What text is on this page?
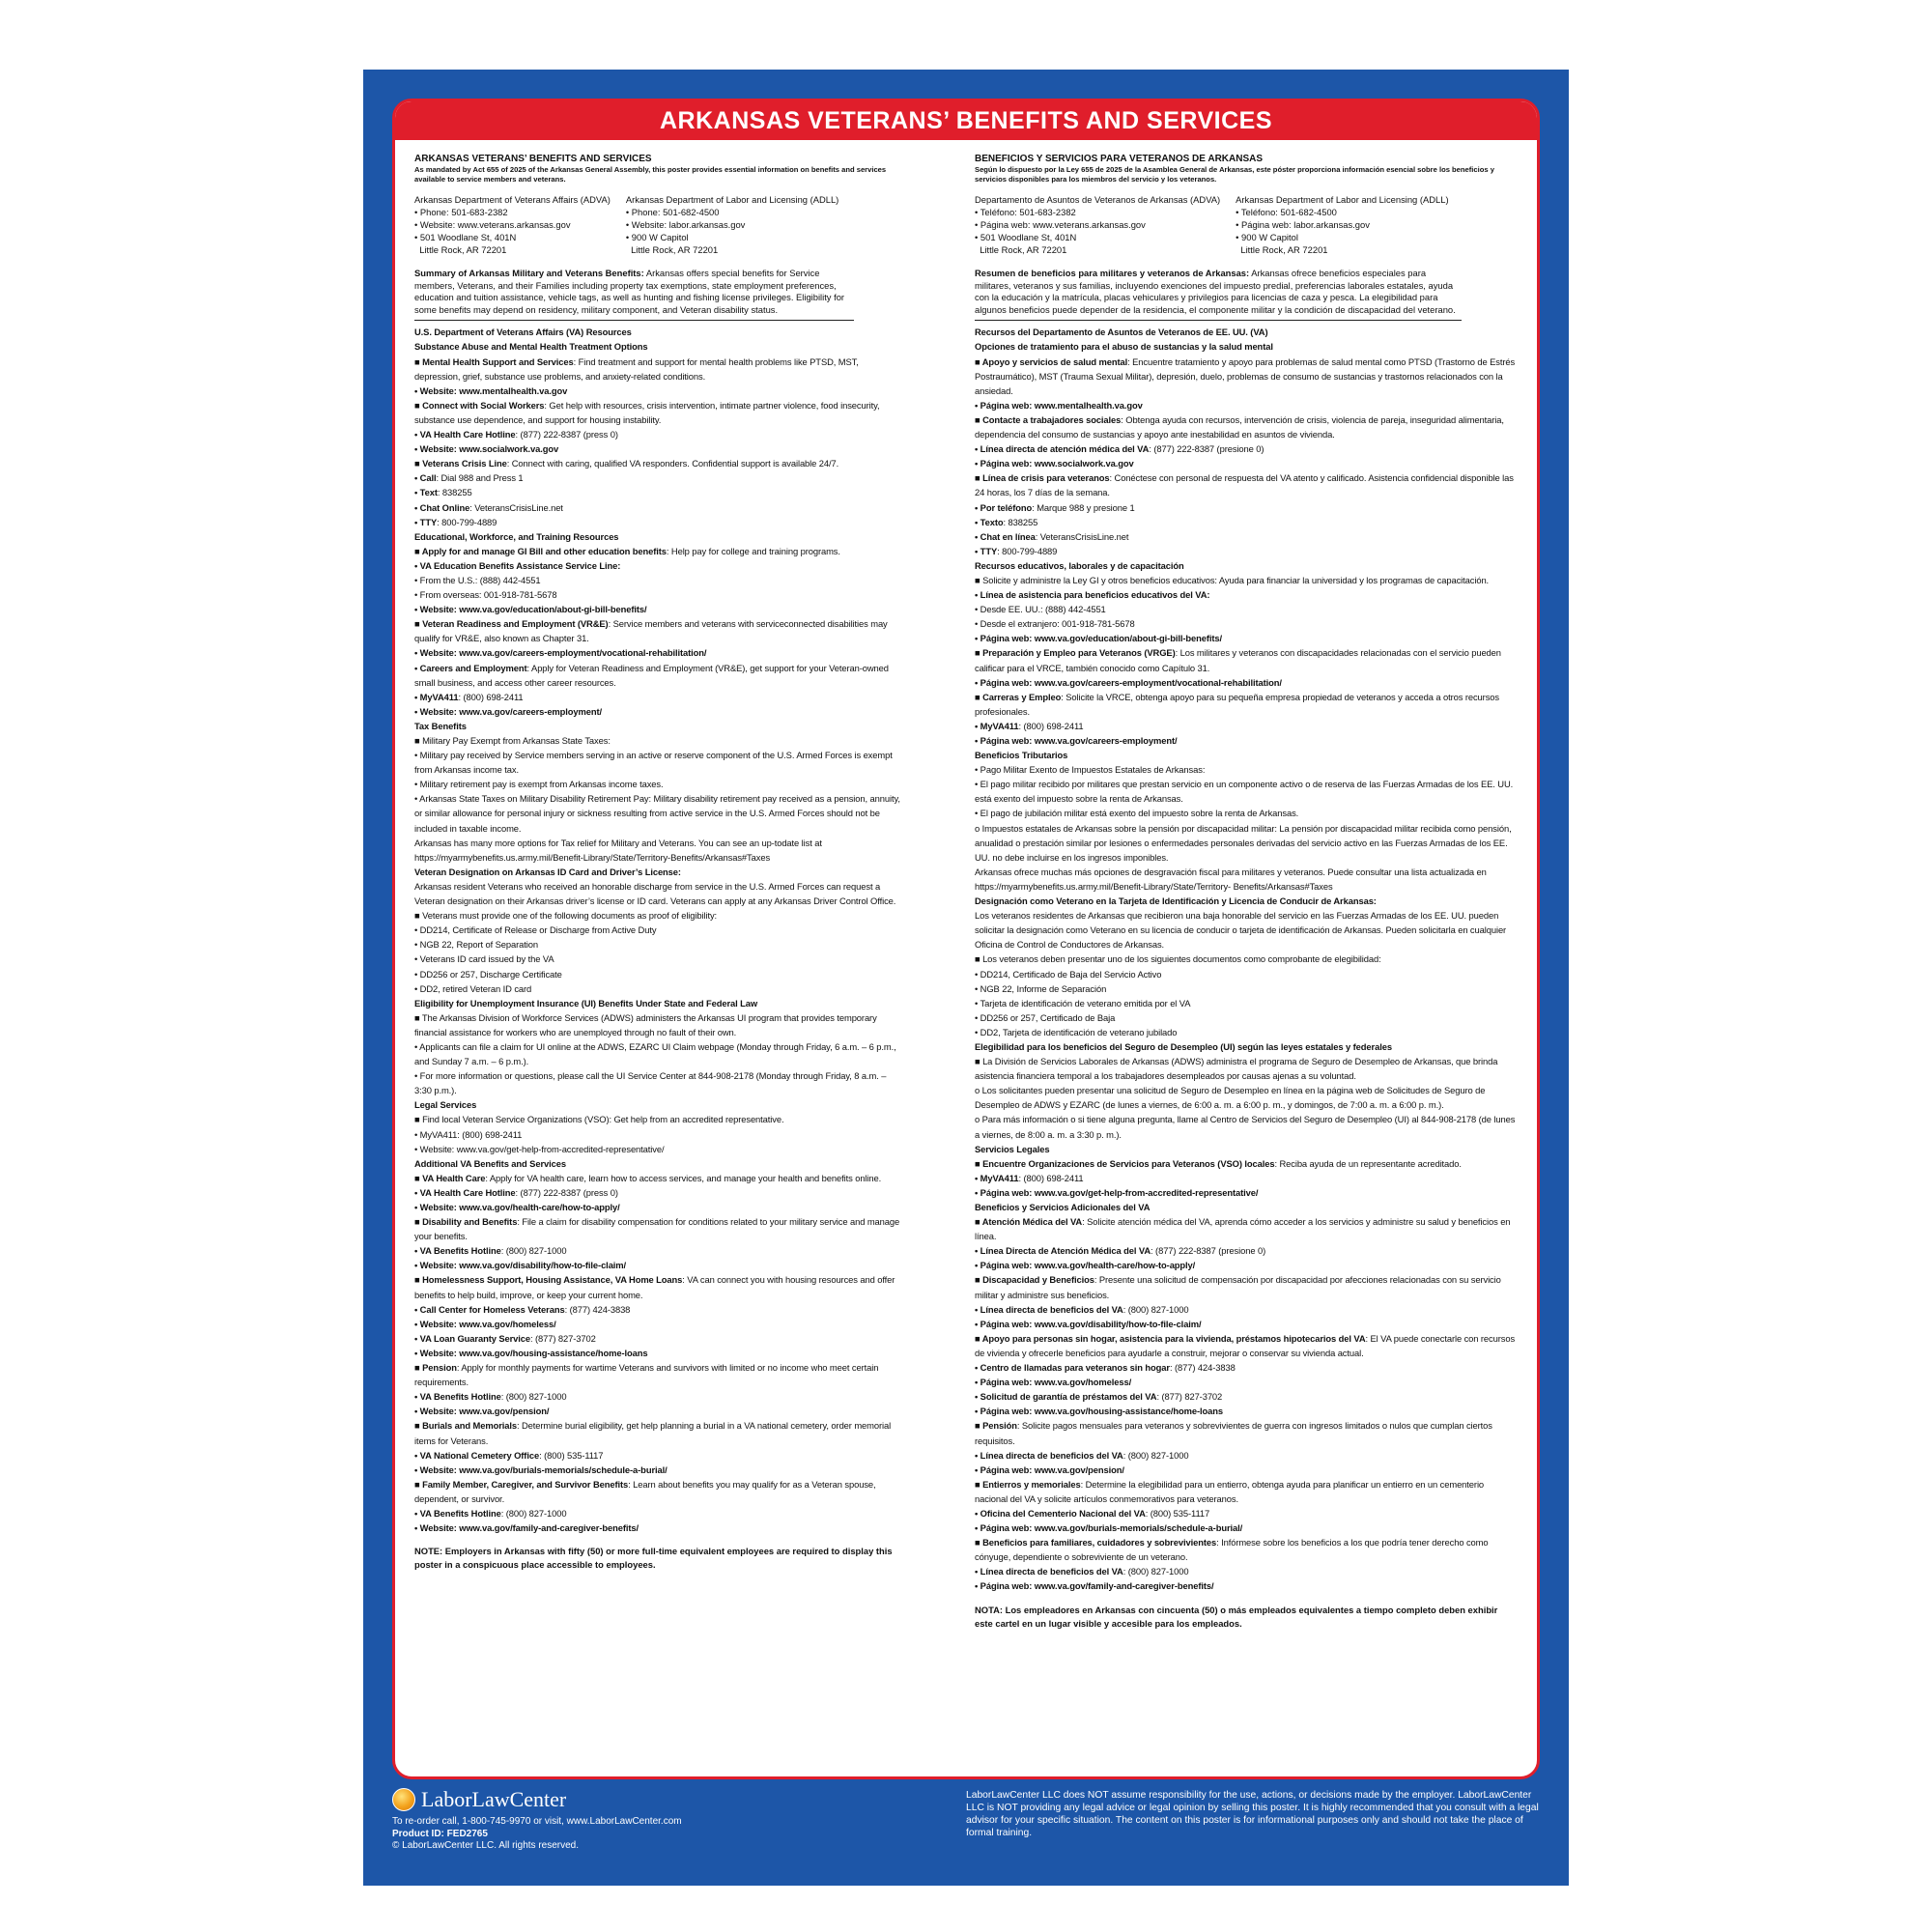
ARKANSAS VETERANS’ BENEFITS AND SERVICES
ARKANSAS VETERANS’ BENEFITS AND SERVICES
As mandated by Act 655 of 2025 of the Arkansas General Assembly, this poster provides essential information on benefits and services available to service members and veterans.
Arkansas Department of Veterans Affairs (ADVA)
• Phone: 501-683-2382
• Website: www.veterans.arkansas.gov
• 501 Woodlane St, 401N
Little Rock, AR 72201
Arkansas Department of Labor and Licensing (ADLL)
• Phone: 501-682-4500
• Website: labor.arkansas.gov
• 900 W Capitol
Little Rock, AR 72201
Summary of Arkansas Military and Veterans Benefits: Arkansas offers special benefits for Service members, Veterans, and their Families including property tax exemptions, state employment preferences, education and tuition assistance, vehicle tags, as well as hunting and fishing license privileges. Eligibility for some benefits may depend on residency, military component, and Veteran disability status.
U.S. Department of Veterans Affairs (VA) Resources
Substance Abuse and Mental Health Treatment Options
■ Mental Health Support and Services: Find treatment and support for mental health problems like PTSD, MST, depression, grief, substance use problems, and anxiety-related conditions.
• Website: www.mentalhealth.va.gov
■ Connect with Social Workers: Get help with resources, crisis intervention, intimate partner violence, food insecurity, substance use dependence, and support for housing instability.
• VA Health Care Hotline: (877) 222-8387 (press 0)
• Website: www.socialwork.va.gov
■ Veterans Crisis Line: Connect with caring, qualified VA responders. Confidential support is available 24/7.
• Call: Dial 988 and Press 1
• Text: 838255
• Chat Online: VeteransCrisisLine.net
• TTY: 800-799-4889
Educational, Workforce, and Training Resources
■ Apply for and manage GI Bill and other education benefits: Help pay for college and training programs.
• VA Education Benefits Assistance Service Line:
• From the U.S.: (888) 442-4551
• From overseas: 001-918-781-5678
• Website: www.va.gov/education/about-gi-bill-benefits/
■ Veteran Readiness and Employment (VR&E): Service members and veterans with serviceconnected disabilities may qualify for VR&E, also known as Chapter 31.
• Website: www.va.gov/careers-employment/vocational-rehabilitation/
• Careers and Employment: Apply for Veteran Readiness and Employment (VR&E), get support for your Veteran-owned small business, and access other career resources.
• MyVA411: (800) 698-2411
• Website: www.va.gov/careers-employment/
Tax Benefits
■ Military Pay Exempt from Arkansas State Taxes:
• Military pay received by Service members serving in an active or reserve component of the U.S. Armed Forces is exempt from Arkansas income tax.
• Military retirement pay is exempt from Arkansas income taxes.
• Arkansas State Taxes on Military Disability Retirement Pay: Military disability retirement pay received as a pension, annuity, or similar allowance for personal injury or sickness resulting from active service in the U.S. Armed Forces should not be included in taxable income.
Arkansas has many more options for Tax relief for Military and Veterans. You can see an up-todate list at https://myarmybenefits.us.army.mil/Benefit-Library/State/Territory-Benefits/Arkansas#Taxes
Veteran Designation on Arkansas ID Card and Driver’s License:
Arkansas resident Veterans who received an honorable discharge from service in the U.S. Armed Forces can request a Veteran designation on their Arkansas driver’s license or ID card. Veterans can apply at any Arkansas Driver Control Office.
■ Veterans must provide one of the following documents as proof of eligibility:
• DD214, Certificate of Release or Discharge from Active Duty
• NGB 22, Report of Separation
• Veterans ID card issued by the VA
• DD256 or 257, Discharge Certificate
• DD2, retired Veteran ID card
Eligibility for Unemployment Insurance (UI) Benefits Under State and Federal Law
■ The Arkansas Division of Workforce Services (ADWS) administers the Arkansas UI program that provides temporary financial assistance for workers who are unemployed through no fault of their own.
• Applicants can file a claim for UI online at the ADWS, EZARC UI Claim webpage (Monday through Friday, 6 a.m. – 6 p.m., and Sunday 7 a.m. – 6 p.m.).
• For more information or questions, please call the UI Service Center at 844-908-2178 (Monday through Friday, 8 a.m. – 3:30 p.m.).
Legal Services
■ Find local Veteran Service Organizations (VSO): Get help from an accredited representative.
• MyVA411: (800) 698-2411
• Website: www.va.gov/get-help-from-accredited-representative/
Additional VA Benefits and Services
■ VA Health Care: Apply for VA health care, learn how to access services, and manage your health and benefits online.
• VA Health Care Hotline: (877) 222-8387 (press 0)
• Website: www.va.gov/health-care/how-to-apply/
■ Disability and Benefits: File a claim for disability compensation for conditions related to your military service and manage your benefits.
• VA Benefits Hotline: (800) 827-1000
• Website: www.va.gov/disability/how-to-file-claim/
■ Homelessness Support, Housing Assistance, VA Home Loans: VA can connect you with housing resources and offer benefits to help build, improve, or keep your current home.
• Call Center for Homeless Veterans: (877) 424-3838
• Website: www.va.gov/homeless/
• VA Loan Guaranty Service: (877) 827-3702
• Website: www.va.gov/housing-assistance/home-loans
■ Pension: Apply for monthly payments for wartime Veterans and survivors with limited or no income who meet certain requirements.
• VA Benefits Hotline: (800) 827-1000
• Website: www.va.gov/pension/
■ Burials and Memorials: Determine burial eligibility, get help planning a burial in a VA national cemetery, order memorial items for Veterans.
• VA National Cemetery Office: (800) 535-1117
• Website: www.va.gov/burials-memorials/schedule-a-burial/
■ Family Member, Caregiver, and Survivor Benefits: Learn about benefits you may qualify for as a Veteran spouse, dependent, or survivor.
• VA Benefits Hotline: (800) 827-1000
• Website: www.va.gov/family-and-caregiver-benefits/
NOTE: Employers in Arkansas with fifty (50) or more full-time equivalent employees are required to display this poster in a conspicuous place accessible to employees.
BENEFICIOS Y SERVICIOS PARA VETERANOS DE ARKANSAS
Según lo dispuesto por la Ley 655 de 2025 de la Asamblea General de Arkansas, este póster proporciona información esencial sobre los beneficios y servicios disponibles para los miembros del servicio y los veteranos.
Departamento de Asuntos de Veteranos de Arkansas (ADVA)
• Teléfono: 501-683-2382
• Página web: www.veterans.arkansas.gov
• 501 Woodlane St, 401N
Little Rock, AR 72201
Arkansas Department of Labor and Licensing (ADLL)
• Teléfono: 501-682-4500
• Página web: labor.arkansas.gov
• 900 W Capitol
Little Rock, AR 72201
Resumen de beneficios para militares y veteranos de Arkansas: Arkansas ofrece beneficios especiales para militares, veteranos y sus familias, incluyendo exenciones del impuesto predial, preferencias laborales estatales, ayuda con la educación y la matrícula, placas vehiculares y privilegios para licencias de caza y pesca. La elegibilidad para algunos beneficios puede depender de la residencia, el componente militar y la condición de discapacidad del veterano.
Recursos del Departamento de Asuntos de Veteranos de EE. UU. (VA)
Opciones de tratamiento para el abuso de sustancias y la salud mental
■ Apoyo y servicios de salud mental: Encuentre tratamiento y apoyo para problemas de salud mental como PTSD (Trastorno de Estrés Postraumático), MST (Trauma Sexual Militar), depresión, duelo, problemas de consumo de sustancias y trastornos relacionados con la ansiedad.
• Página web: www.mentalhealth.va.gov
■ Contacte a trabajadores sociales: Obtenga ayuda con recursos, intervención de crisis, violencia de pareja, inseguridad alimentaria, dependencia del consumo de sustancias y apoyo ante inestabilidad en asuntos de vivienda.
• Línea directa de atención médica del VA: (877) 222-8387 (presione 0)
• Página web: www.socialwork.va.gov
■ Línea de crisis para veteranos: Conéctese con personal de respuesta del VA atento y calificado. Asistencia confidencial disponible las 24 horas, los 7 días de la semana.
• Por teléfono: Marque 988 y presione 1
• Texto: 838255
• Chat en línea: VeteransCrisisLine.net
• TTY: 800-799-4889
Recursos educativos, laborales y de capacitación
■ Solicite y administre la Ley GI y otros beneficios educativos: Ayuda para financiar la universidad y los programas de capacitación.
• Línea de asistencia para beneficios educativos del VA:
• Desde EE. UU.: (888) 442-4551
• Desde el extranjero: 001-918-781-5678
• Página web: www.va.gov/education/about-gi-bill-benefits/
■ Preparación y Empleo para Veteranos (VRGE): Los militares y veteranos con discapacidades relacionadas con el servicio pueden calificar para el VRCE, también conocido como Capítulo 31.
• Página web: www.va.gov/careers-employment/vocational-rehabilitation/
■ Carreras y Empleo: Solicite la VRCE, obtenga apoyo para su pequeña empresa propiedad de veteranos y acceda a otros recursos profesionales.
• MyVA411: (800) 698-2411
• Página web: www.va.gov/careers-employment/
Beneficios Tributarios
• Pago Militar Exento de Impuestos Estatales de Arkansas:
• El pago militar recibido por militares que prestan servicio en un componente activo o de reserva de las Fuerzas Armadas de los EE. UU. está exento del impuesto sobre la renta de Arkansas.
• El pago de jubilación militar está exento del impuesto sobre la renta de Arkansas.
o Impuestos estatales de Arkansas sobre la pensión por discapacidad militar: La pensión por discapacidad militar recibida como pensión, anualidad o prestación similar por lesiones o enfermedades personales derivadas del servicio activo en las Fuerzas Armadas de los EE. UU. no debe incluirse en los ingresos imponibles.
Arkansas ofrece muchas más opciones de desgravación fiscal para militares y veteranos. Puede consultar una lista actualizada en https://myarmybenefits.us.army.mil/Benefit-Library/State/Territory- Benefits/Arkansas#Taxes
Designación como Veterano en la Tarjeta de Identificación y Licencia de Conducir de Arkansas:
Los veteranos residentes de Arkansas que recibieron una baja honorable del servicio en las Fuerzas Armadas de los EE. UU. pueden solicitar la designación como Veterano en su licencia de conducir o tarjeta de identificación de Arkansas. Pueden solicitarla en cualquier Oficina de Control de Conductores de Arkansas.
■ Los veteranos deben presentar uno de los siguientes documentos como comprobante de elegibilidad:
• DD214, Certificado de Baja del Servicio Activo
• NGB 22, Informe de Separación
• Tarjeta de identificación de veterano emitida por el VA
• DD256 or 257, Certificado de Baja
• DD2, Tarjeta de identificación de veterano jubilado
Elegibilidad para los beneficios del Seguro de Desempleo (UI) según las leyes estatales y federales
■ La División de Servicios Laborales de Arkansas (ADWS) administra el programa de Seguro de Desempleo de Arkansas, que brinda asistencia financiera temporal a los trabajadores desempleados por causas ajenas a su voluntad.
o Los solicitantes pueden presentar una solicitud de Seguro de Desempleo en línea en la página web de Solicitudes de Seguro de Desempleo de ADWS y EZARC (de lunes a viernes, de 6:00 a. m. a 6:00 p. m., y domingos, de 7:00 a. m. a 6:00 p. m.).
o Para más información o si tiene alguna pregunta, llame al Centro de Servicios del Seguro de Desempleo (UI) al 844-908-2178 (de lunes a viernes, de 8:00 a. m. a 3:30 p. m.).
Servicios Legales
■ Encuentre Organizaciones de Servicios para Veteranos (VSO) locales: Reciba ayuda de un representante acreditado.
• MyVA411: (800) 698-2411
• Página web: www.va.gov/get-help-from-accredited-representative/
Beneficios y Servicios Adicionales del VA
■ Atención Médica del VA: Solicite atención médica del VA, aprenda cómo acceder a los servicios y administre su salud y beneficios en línea.
• Línea Directa de Atención Médica del VA: (877) 222-8387 (presione 0)
• Página web: www.va.gov/health-care/how-to-apply/
■ Discapacidad y Beneficios: Presente una solicitud de compensación por discapacidad por afecciones relacionadas con su servicio militar y administre sus beneficios.
• Línea directa de beneficios del VA: (800) 827-1000
• Página web: www.va.gov/disability/how-to-file-claim/
■ Apoyo para personas sin hogar, asistencia para la vivienda, préstamos hipotecarios del VA: El VA puede conectarle con recursos de vivienda y ofrecerle beneficios para ayudarle a construir, mejorar o conservar su vivienda actual.
• Centro de llamadas para veteranos sin hogar: (877) 424-3838
• Página web: www.va.gov/homeless/
• Solicitud de garantía de préstamos del VA: (877) 827-3702
• Página web: www.va.gov/housing-assistance/home-loans
■ Pensión: Solicite pagos mensuales para veteranos y sobrevivientes de guerra con ingresos limitados o nulos que cumplan ciertos requisitos.
• Línea directa de beneficios del VA: (800) 827-1000
• Página web: www.va.gov/pension/
■ Entierros y memoriales: Determine la elegibilidad para un entierro, obtenga ayuda para planificar un entierro en un cementerio nacional del VA y solicite artículos conmemorativos para veteranos.
• Oficina del Cementerio Nacional del VA: (800) 535-1117
• Página web: www.va.gov/burials-memorials/schedule-a-burial/
■ Beneficios para familiares, cuidadores y sobrevivientes: Infórmese sobre los beneficios a los que podría tener derecho como cónyuge, dependiente o sobreviviente de un veterano.
• Línea directa de beneficios del VA: (800) 827-1000
• Página web: www.va.gov/family-and-caregiver-benefits/
NOTA: Los empleadores en Arkansas con cincuenta (50) o más empleados equivalentes a tiempo completo deben exhibir este cartel en un lugar visible y accesible para los empleados.
LaborLawCenter
To re-order call, 1-800-745-9970 or visit, www.LaborLawCenter.com
Product ID: FED2765
© LaborLawCenter LLC. All rights reserved.
LaborLawCenter LLC does NOT assume responsibility for the use, actions, or decisions made by the employer. LaborLawCenter LLC is NOT providing any legal advice or legal opinion by selling this poster. It is highly recommended that you consult with a legal advisor for your specific situation. The content on this poster is for informational purposes only and should not take the place of formal training.
